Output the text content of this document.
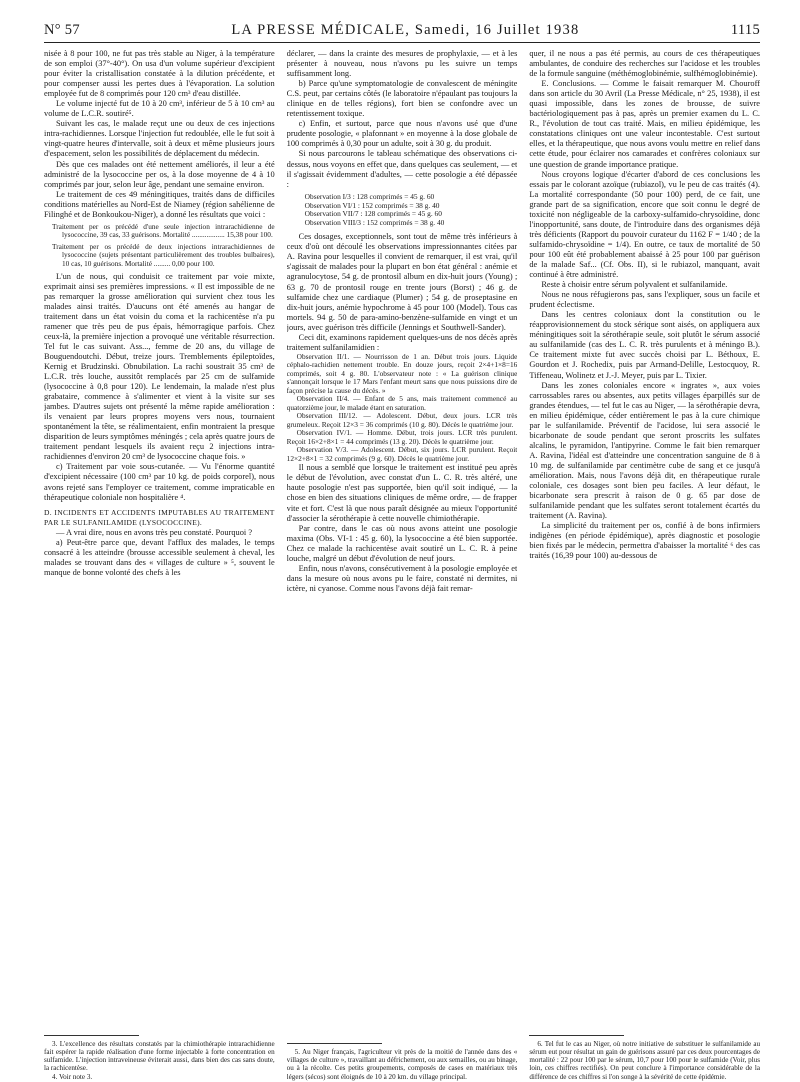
N° 57	LA PRESSE MÉDICALE, Samedi, 16 Juillet 1938	1115

nisée à 8 pour 100, ne fut pas très stable au Niger, à la température de son emploi (37°-40°). On usa d'un volume supérieur d'excipient pour éviter la cristallisation constatée à la dilution précédente, et pour compenser aussi les pertes dues à l'évaporation. La solution employée fut de 8 comprimés pour 120 cm³ d'eau distillée.

Le volume injecté fut de 10 à 20 cm³, inférieur de 5 à 10 cm³ au volume de L.C.R. soutiré⁵.

Suivant les cas, le malade reçut une ou deux de ces injections intra-rachidiennes. Lorsque l'injection fut redoublée, elle le fut soit à vingt-quatre heures d'intervalle, soit à deux et même plusieurs jours d'espacement, selon les possibilités de déplacement du médecin.

Dès que ces malades ont été nettement améliorés, il leur a été administré de la lysococcine per os, à la dose moyenne de 4 à 10 comprimés par jour, selon leur âge, pendant une semaine environ.

Le traitement de ces 49 méningitiques, traités dans de difficiles conditions matérielles au Nord-Est de Niamey (région sahélienne de Filinghé et de Bonkoukou-Niger), a donné les résultats que voici :

Traitement per os précédé d'une seule injection intrarachidienne de lysococcine, 39 cas, 33 guérisons. Mortalité .................. 15,38 pour 100.

Traitement per os précédé de deux injections intrarachidiennes de lysococcine (sujets présentant particulièrement des troubles bulbaires), 10 cas, 10 guérisons. Mortalité ......... 0,00 pour 100.

L'un de nous, qui conduisit ce traitement par voie mixte, exprimait ainsi ses premières impressions. « Il est impossible de ne pas remarquer la grosse amélioration qui survient chez tous les malades ainsi traités. D'aucuns ont été amenés au hangar de traitement dans un état voisin du coma et la rachicentèse n'a pu ramener que très peu de pus épais, hémorragique parfois. Chez ceux-là, la première injection a provoqué une véritable résurrection. Tel fut le cas suivant. Ass..., femme de 20 ans, du village de Bouguendoutchi. Début, treize jours. Tremblements épileptoïdes, Kernig et Brudzinski. Obnubilation. La rachi soustrait 35 cm³ de L.C.R. très louche, aussitôt remplacés par 25 cm de sulfamide (lysococcine à 0,8 pour 120). Le lendemain, la malade n'est plus grabataire, commence à s'alimenter et vient à la visite sur ses jambes. D'autres sujets ont présenté la même rapide amélioration : ils venaient par leurs propres moyens vers nous, tournaient spontanément la tête, se réalimentaient, enfin montraient la presque disparition de leurs symptômes méningés ; cela après quatre jours de traitement pendant lesquels ils avaient reçu 2 injections intra-rachidiennes d'environ 20 cm³ de lysococcine chaque fois. »

c) Traitement par voie sous-cutanée. — Vu l'énorme quantité d'excipient nécessaire (100 cm³ par 10 kg. de poids corporel), nous avons rejeté sans l'employer ce traitement, comme impraticable en thérapeutique coloniale non hospitalière ⁴.

D. INCIDENTS ET ACCIDENTS IMPUTABLES AU TRAITEMENT PAR LE SULFANILAMIDE (LYSOCOCCINE).

— A vrai dire, nous en avons très peu constaté. Pourquoi ?

a) Peut-être parce que, devant l'afflux des malades, le temps consacré à les atteindre (brousse accessible seulement à cheval, les malades se trouvant dans des « villages de culture » ⁵, souvent le manque de bonne volonté des chefs à les

3. L'excellence des résultats constatés par la chimiothérapie intrarachidienne fait espérer la rapide réalisation d'une forme injectable à forte concentration en sulfamide. L'injection intraveineuse éviterait aussi, dans bien des cas sans doute, la rachicentèse.

4. Voir note 3.

déclarer, — dans la crainte des mesures de prophylaxie, — et à les présenter à nouveau, nous n'avons pu les suivre un temps suffisamment long.

b) Parce qu'une symptomatologie de convalescent de méningite C.S. peut, par certains côtés (le laboratoire n'épaulant pas toujours la clinique en de telles régions), fort bien se confondre avec un retentissement toxique.

c) Enfin, et surtout, parce que nous n'avons usé que d'une prudente posologie, « plafonnant » en moyenne à la dose globale de 100 comprimés à 0,30 pour un adulte, soit à 30 g. du produit.

Si nous parcourons le tableau schématique des observations ci-dessus, nous voyons en effet que, dans quelques cas seulement, — et il s'agissait évidemment d'adultes, — cette posologie a été dépassée :

Observation I/3 : 128 comprimés = 45 g. 60
Observation VI/1 : 152 comprimés = 38 g. 40
Observation VII/7 : 128 comprimés = 45 g. 60
Observation VIII/3 : 152 comprimés = 38 g. 40

Ces dosages, exceptionnels, sont tout de même très inférieurs à ceux d'où ont découlé les observations impressionnantes citées par A. Ravina pour lesquelles il convient de remarquer, il est vrai, qu'il s'agissait de malades pour la plupart en bon état général : anémie et agranulocytose, 54 g. de prontosil album en dix-huit jours (Young) ; 63 g. 70 de prontosil rouge en trente jours (Borst) ; 46 g. de sulfamide chez une cardiaque (Plumer) ; 54 g. de proseptasine en dix-huit jours, anémie hypochrome à 45 pour 100 (Model). Tous cas mortels. 94 g. 50 de para-amino-benzène-sulfamide en vingt et un jours, avec guérison très difficile (Jennings et Southwell-Sander).

Ceci dit, examinons rapidement quelques-uns de nos décès après traitement sulfanilamidien :

Observation II/1. — Nourrisson de 1 an. Début trois jours. Liquide céphalo-rachidien nettement trouble. En douze jours, reçoit 2×4+1×8=16 comprimés, soit 4 g. 80. L'observateur note : « La guérison clinique s'annonçait lorsque le 17 Mars l'enfant meurt sans que nous puissions dire de façon précise la cause du décès. »

Observation II/4. — Enfant de 5 ans, mais traitement commencé au quatorzième jour, le malade étant en saturation.

Observation III/12. — Adolescent. Début, deux jours. LCR très grumeleux. Reçoit 12×3 = 36 comprimés (10 g. 80). Décès le quatrième jour.

Observation IV/1. — Homme. Début, trois jours. LCR très purulent. Reçoit 16×2+8×1 = 44 comprimés (13 g. 20). Décès le quatrième jour.

Observation V/3. — Adolescent. Début, six jours. LCR purulent. Reçoit 12×2+8×1 = 32 comprimés (9 g. 60). Décès le quatrième jour.

Il nous a semblé que lorsque le traitement est institué peu après le début de l'évolution, avec constat d'un L. C. R. très altéré, une haute posologie n'est pas supportée, bien qu'il soit indiqué, — la chose en bien des situations cliniques de même ordre, — de frapper vite et fort. C'est là que nous paraît désignée au mieux l'opportunité d'associer la sérothérapie à cette nouvelle chimiothérapie.

Par contre, dans le cas où nous avons atteint une posologie maxima (Obs. VI-1 : 45 g. 60), la lysococcine a été bien supportée. Chez ce malade la rachicentèse avait soutiré un L. C. R. à peine louche, malgré un début d'évolution de neuf jours.

Enfin, nous n'avons, consécutivement à la posologie employée et dans la mesure où nous avons pu le faire, constaté ni dermites, ni ictère, ni cyanose. Comme nous l'avons déjà fait remar-

5. Au Niger français, l'agriculteur vit près de la moitié de l'année dans des « villages de culture », travaillant au défrichement, ou aux semailles, ou au binage, ou à la récolte. Ces petits groupements, composés de cases en matériaux très légers (sécos) sont éloignés de 10 à 20 km. du village principal.

quer, il ne nous a pas été permis, au cours de ces thérapeutiques ambulantes, de conduire des recherches sur l'acidose et les troubles de la formule sanguine (méthémoglobinémie, sulfhémoglobinémie).

E. Conclusions. — Comme le faisait remarquer M. Chouroff dans son article du 30 Avril (La Presse Médicale, n° 25, 1938), il est quasi impossible, dans les zones de brousse, de suivre bactériologiquement pas à pas, après un premier examen du L. C. R., l'évolution de tout cas traité. Mais, en milieu épidémique, les constatations cliniques ont une valeur incontestable. C'est surtout elles, et la thérapeutique, que nous avons voulu mettre en relief dans cette étude, pour éclairer nos camarades et confrères coloniaux sur une question de grande importance pratique.

Nous croyons logique d'écarter d'abord de ces conclusions les essais par le colorant azoïque (rubiazol), vu le peu de cas traités (4). La mortalité correspondante (50 pour 100) perd, de ce fait, une grande part de sa signification, encore que soit connu le degré de toxicité non négligeable de la carboxy-sulfamido-chrysoïdine, donc l'inopportunité, sans doute, de l'introduire dans des organismes déjà très déficients (Rapport du pouvoir curateur du 1162 F = 1/40 ; de la sulfamido-chrysoïdine = 1/4). En outre, ce taux de mortalité de 50 pour 100 eût été probablement abaissé à 25 pour 100 par guérison de la malade Saf... (Cf. Obs. II), si le rubiazol, manquant, avait continué à être administré.

Reste à choisir entre sérum polyvalent et sulfanilamide.

Nous ne nous réfugierons pas, sans l'expliquer, sous un facile et prudent éclectisme.

Dans les centres coloniaux dont la constitution ou le réapprovisionnement du stock sérique sont aisés, on appliquera aux méningitiques soit la sérothérapie seule, soit plutôt le sérum associé au sulfanilamide (cas des L. C. R. très purulents et à méningo B.). Ce traitement mixte fut avec succès choisi par L. Béthoux, E. Gourdon et J. Rochedix, puis par Armand-Delille, Lestocquoy, R. Tiffeneau, Wolinetz et J.-J. Meyer, puis par L. Tixier.

Dans les zones coloniales encore « ingrates », aux voies carrossables rares ou absentes, aux petits villages éparpillés sur de grandes étendues, — tel fut le cas au Niger, — la sérothérapie devra, en milieu épidémique, céder entièrement le pas à la cure chimique par le sulfanilamide. Préventif de l'acidose, lui sera associé le bicarbonate de soude pendant que seront proscrits les sulfates alcalins, le pyramidon, l'antipyrine. Comme le fait bien remarquer A. Ravina, l'idéal est d'atteindre une concentration sanguine de 8 à 10 mg. de sulfanilamide par centimètre cube de sang et ce jusqu'à amélioration. Mais, nous l'avons déjà dit, en thérapeutique rurale coloniale, ces dosages sont bien peu faciles. A leur défaut, le bicarbonate sera prescrit à raison de 0 g. 65 par dose de sulfanilamide pendant que les sulfates seront totalement écartés du traitement (A. Ravina).

La simplicité du traitement per os, confié à de bons infirmiers indigènes (en période épidémique), après diagnostic et posologie bien fixés par le médecin, permettra d'abaisser la mortalité ⁶ des cas traités (16,39 pour 100) au-dessous de

6. Tel fut le cas au Niger, où notre initiative de substituer le sulfanilamide au sérum eut pour résultat un gain de guérisons assuré par ces deux pourcentages de mortalité : 22 pour 100 par le sérum, 10,7 pour 100 pour le sulfamide (Voir, plus loin, ces chiffres rectifiés). On peut conclure à l'importance considérable de la différence de ces chiffres si l'on songe à la sévérité de cette épidémie.
